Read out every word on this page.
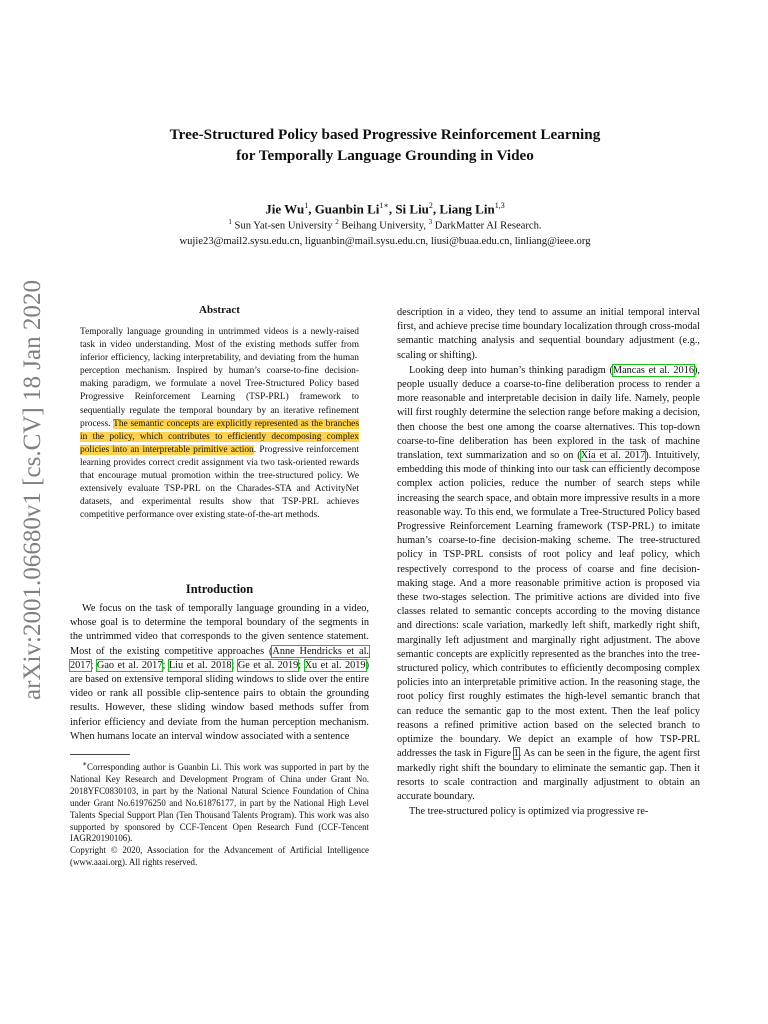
arXiv:2001.06680v1 [cs.CV] 18 Jan 2020
Tree-Structured Policy based Progressive Reinforcement Learning
for Temporally Language Grounding in Video
Jie Wu$^1$, Guanbin $Li^{1∗}$, Si Liu$^2$, Liang Lin$^{1,3}$
$^1$ Sun Yat-sen University $^2$ Beihang University, $^3$ DarkMatter AI Research.
wujie23@mail2.sysu.edu.cn, liguanbin@mail.sysu.edu.cn, liusi@buaa.edu.cn, linliang@ieee.org
Abstract
Temporally language grounding in untrimmed videos is a newly-raised task in video understanding. Most of the existing methods suffer from inferior efficiency, lacking interpretability, and deviating from the human perception mechanism. Inspired by human’s coarse-to-fine decision-making paradigm, we formulate a novel Tree-Structured Policy based Progressive Reinforcement Learning (TSP-PRL) framework to sequentially regulate the temporal boundary by an iterative refinement process. The semantic concepts are explicitly represented as the branches in the policy, which contributes to efficiently decomposing complex policies into an interpretable primitive action. Progressive reinforcement learning provides correct credit assignment via two task-oriented rewards that encourage mutual promotion within the tree-structured policy. We extensively evaluate TSP-PRL on the Charades-STA and ActivityNet datasets, and experimental results show that TSP-PRL achieves competitive performance over existing state-of-the-art methods.
Introduction

We focus on the task of temporally language grounding in a video, whose goal is to determine the temporal boundary of the segments in the untrimmed video that corresponds to the given sentence statement. Most of the existing competitive approaches (Anne Hendricks et al. 2017; Gao et al. 2017; Liu et al. 2018; Ge et al. 2019; Xu et al. 2019) are based on extensive temporal sliding windows to slide over the entire video or rank all possible clip-sentence pairs to obtain the grounding results. However, these sliding window based methods suffer from inferior efficiency and deviate from the human perception mechanism. When humans locate an interval window associated with a sentence

∗Corresponding author is Guanbin Li. This work was supported in part by the National Key Research and Development Program of China under Grant No. 2018YFC0830103, in part by the National Natural Science Foundation of China under Grant No.61976250 and No.61876177, in part by the National High Level Talents Special Support Plan (Ten Thousand Talents Program). This work was also supported by sponsored by CCF-Tencent Open Research Fund (CCF-Tencent IAGR20190106).

Copyright © 2020, Association for the Advancement of Artificial Intelligence (www.aaai.org). All rights reserved.

description in a video, they tend to assume an initial temporal interval first, and achieve precise time boundary localization through cross-modal semantic matching analysis and sequential boundary adjustment (e.g., scaling or shifting).

Looking deep into human’s thinking paradigm (Mancas et al. 2016), people usually deduce a coarse-to-fine deliberation process to render a more reasonable and interpretable decision in daily life. Namely, people will first roughly determine the selection range before making a decision, then choose the best one among the coarse alternatives. This top-down coarse-to-fine deliberation has been explored in the task of machine translation, text summarization and so on (Xia et al. 2017). Intuitively, embedding this mode of thinking into our task can efficiently decompose complex action policies, reduce the number of search steps while increasing the search space, and obtain more impressive results in a more reasonable way. To this end, we formulate a Tree-Structured Policy based Progressive Reinforcement Learning framework (TSP-PRL) to imitate human’s coarse-to-fine decision-making scheme. The tree-structured policy in TSP-PRL consists of root policy and leaf policy, which respectively correspond to the process of coarse and fine decision-making stage. And a more reasonable primitive action is proposed via these two-stages selection. The primitive actions are divided into five classes related to semantic concepts according to the moving distance and directions: scale variation, markedly left shift, markedly right shift, marginally left adjustment and marginally right adjustment. The above semantic concepts are explicitly represented as the branches into the tree-structured policy, which contributes to efficiently decomposing complex policies into an interpretable primitive action. In the reasoning stage, the root policy first roughly estimates the high-level semantic branch that can reduce the semantic gap to the most extent. Then the leaf policy reasons a refined primitive action based on the selected branch to optimize the boundary. We depict an example of how TSP-PRL addresses the task in Figure 1. As can be seen in the figure, the agent first markedly right shift the boundary to eliminate the semantic gap. Then it resorts to scale contraction and marginally adjustment to obtain an accurate boundary.

The tree-structured policy is optimized via progressive re-
